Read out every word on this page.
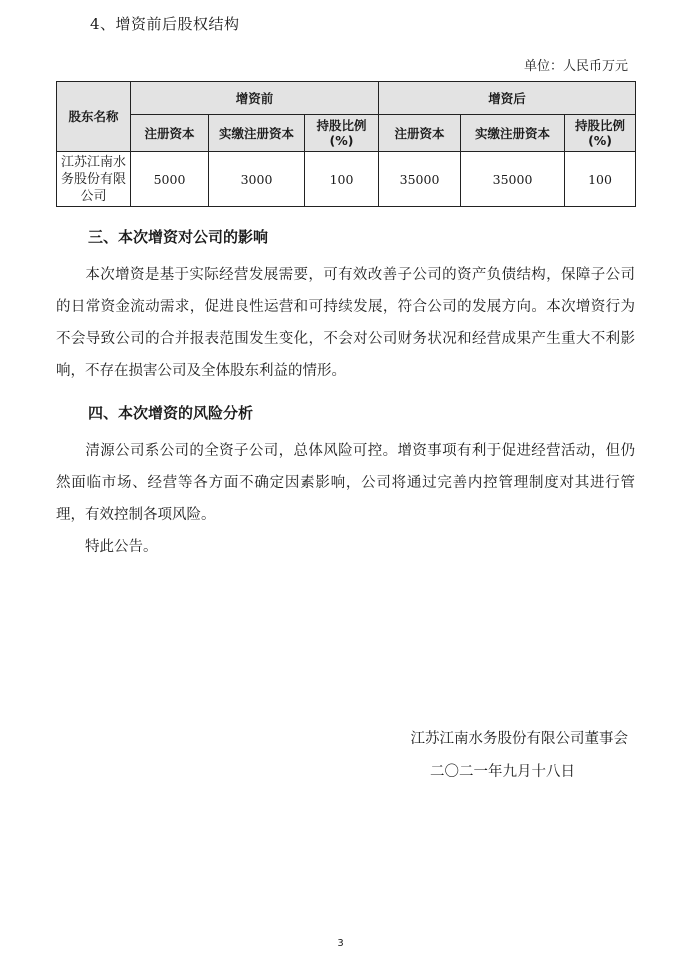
4、增资前后股权结构
单位：人民币万元
股东名称	增资前			增资后		
	注册资本	实缴注册资本	持股比例(%)	注册资本	实缴注册资本	持股比例(%)
江苏江南水务股份有限公司	5000	3000	100	35000	35000	100
三、本次增资对公司的影响
本次增资是基于实际经营发展需要，可有效改善子公司的资产负债结构，保障子公司的日常资金流动需求，促进良性运营和可持续发展，符合公司的发展方向。本次增资行为不会导致公司的合并报表范围发生变化，不会对公司财务状况和经营成果产生重大不利影响，不存在损害公司及全体股东利益的情形。
四、本次增资的风险分析
清源公司系公司的全资子公司，总体风险可控。增资事项有利于促进经营活动，但仍然面临市场、经营等各方面不确定因素影响，公司将通过完善内控管理制度对其进行管理，有效控制各项风险。
特此公告。
江苏江南水务股份有限公司董事会
二〇二一年九月十八日
3
